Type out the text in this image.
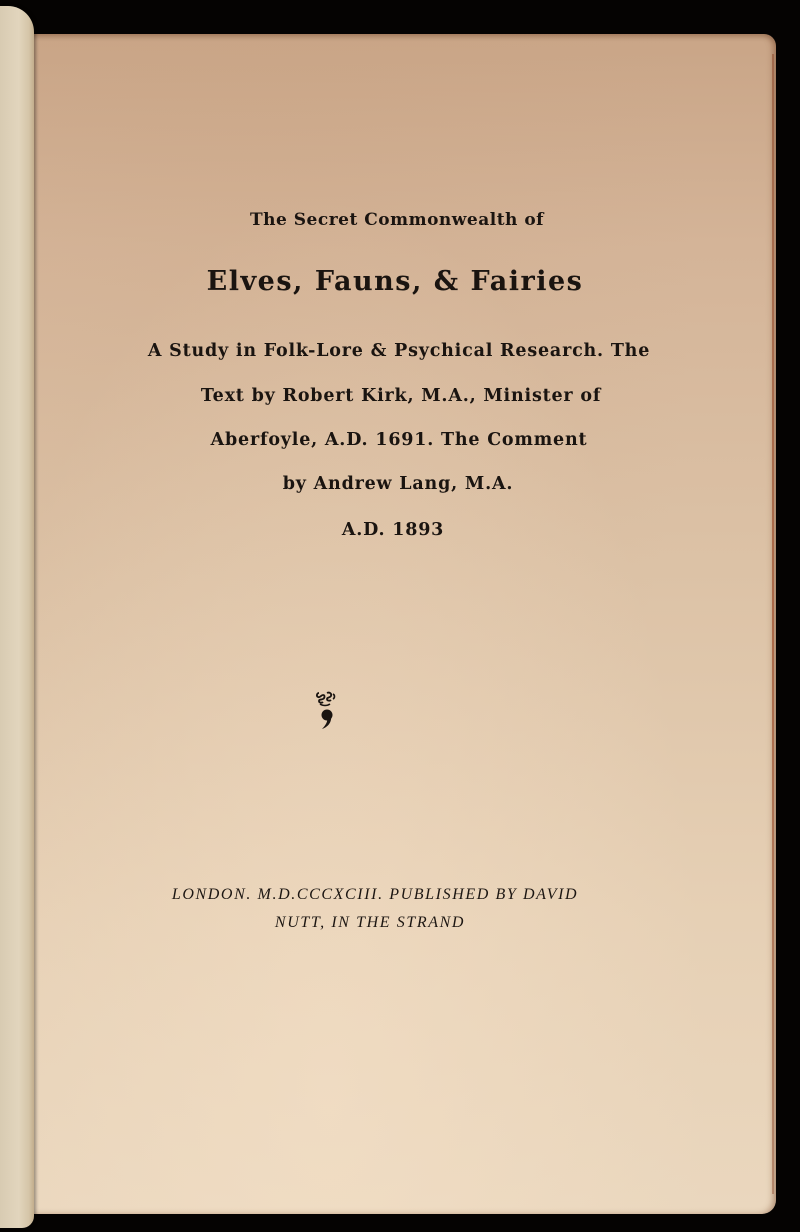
The Secret Commonwealth of
Elves, Fauns, & Fairies
A Study in Folk-Lore & Psychical Research. The
Text by Robert Kirk, M.A., Minister of
Aberfoyle, A.D. 1691. The Comment
by Andrew Lang, M.A.
A.D. 1893
LONDON. M.D.CCCXCIII. PUBLISHED BY DAVID
NUTT, IN THE STRAND
